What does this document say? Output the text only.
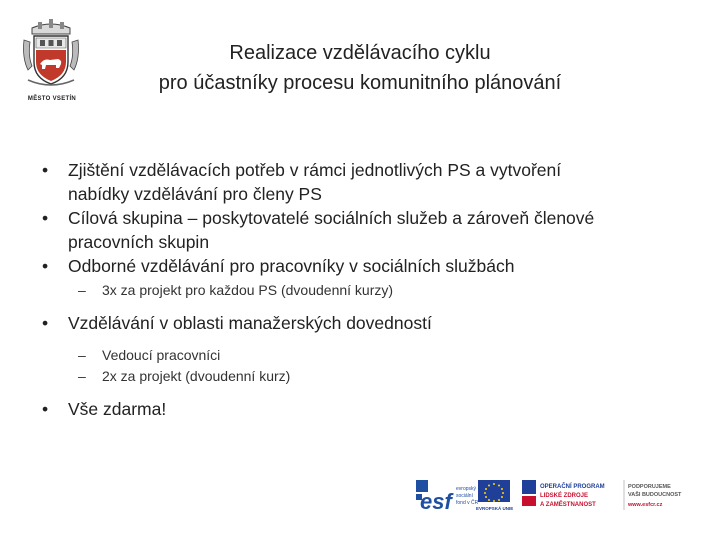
MĚSTO VSETÍN
Realizace vzdělávacího cyklu
pro účastníky procesu komunitního plánování
• Zjištění vzdělávacích potřeb v rámci jednotlivých PS a vytvoření
nabídky vzdělávání pro členy PS
• Cílová skupina – poskytovatelé sociálních služeb a zároveň členové
pracovních skupin
• Odborné vzdělávání pro pracovníky v sociálních službách
– 3x za projekt pro každou PS (dvoudenní kurzy)
• Vzdělávání v oblasti manažerských dovedností
– Vedoucí pracovníci
– 2x za projekt (dvoudenní kurz)
• Vše zdarma!
esf evropský
sociální
fond v ČR
EVROPSKÁ UNIE
OPERAČNÍ PROGRAM
LIDSKÉ ZDROJE
A ZAMĚSTNANOST
PODPORUJEME
VAŠI BUDOUCNOST
www.esfcr.cz
